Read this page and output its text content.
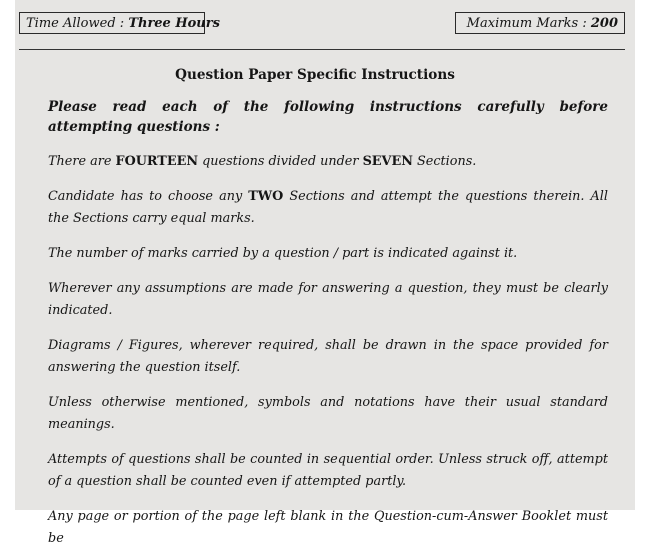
Time Allowed : Three Hours	Maximum Marks : 200
Question Paper Specific Instructions

Please read each of the following instructions carefully before attempting questions :

There are FOURTEEN questions divided under SEVEN Sections.

Candidate has to choose any TWO Sections and attempt the questions therein. All the Sections carry equal marks.

The number of marks carried by a question / part is indicated against it.

Wherever any assumptions are made for answering a question, they must be clearly indicated.

Diagrams / Figures, wherever required, shall be drawn in the space provided for answering the question itself.

Unless otherwise mentioned, symbols and notations have their usual standard meanings.

Attempts of questions shall be counted in sequential order. Unless struck off, attempt of a question shall be counted even if attempted partly.

Any page or portion of the page left blank in the Question-cum-Answer Booklet must be
